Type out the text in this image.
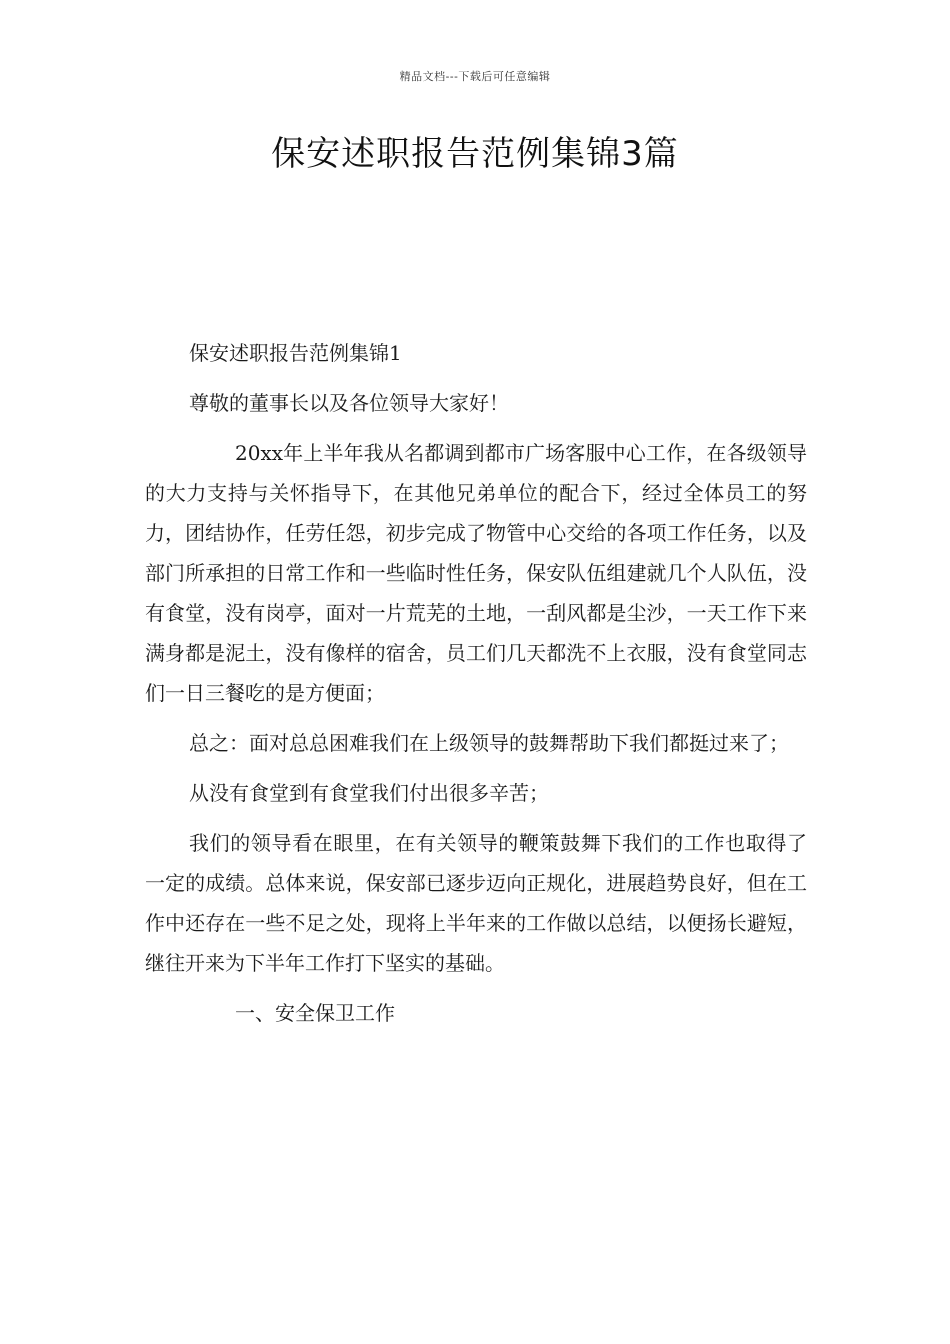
精品文档---下载后可任意编辑
保安述职报告范例集锦3篇

保安述职报告范例集锦1

尊敬的董事长以及各位领导大家好！

20xx年上半年我从名都调到都市广场客服中心工作，在各级领导的大力支持与关怀指导下，在其他兄弟单位的配合下，经过全体员工的努力，团结协作，任劳任怨，初步完成了物管中心交给的各项工作任务，以及部门所承担的日常工作和一些临时性任务，保安队伍组建就几个人队伍，没有食堂，没有岗亭，面对一片荒芜的土地，一刮风都是尘沙，一天工作下来满身都是泥土，没有像样的宿舍，员工们几天都洗不上衣服，没有食堂同志们一日三餐吃的是方便面；

总之：面对总总困难我们在上级领导的鼓舞帮助下我们都挺过来了；

从没有食堂到有食堂我们付出很多辛苦；

我们的领导看在眼里，在有关领导的鞭策鼓舞下我们的工作也取得了一定的成绩。总体来说，保安部已逐步迈向正规化，进展趋势良好，但在工作中还存在一些不足之处，现将上半年来的工作做以总结，以便扬长避短，继往开来为下半年工作打下坚实的基础。

一、安全保卫工作
